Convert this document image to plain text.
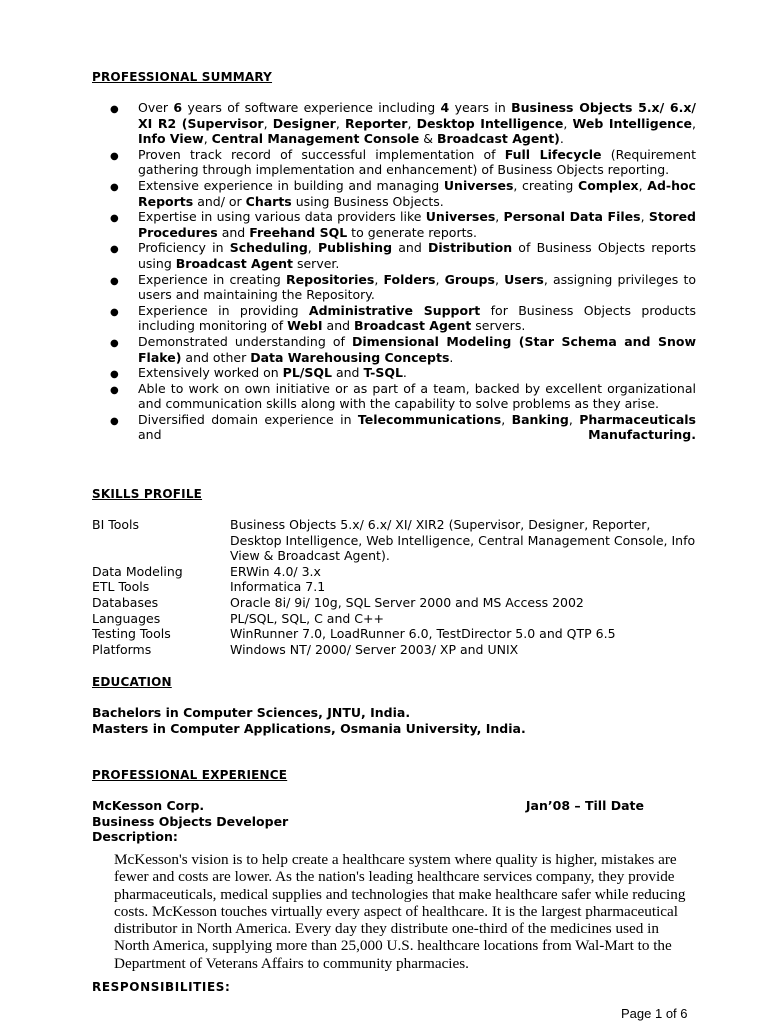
PROFESSIONAL SUMMARY
● Over 6 years of software experience including 4 years in Business Objects 5.x/ 6.x/ XI R2 (Supervisor, Designer, Reporter, Desktop Intelligence, Web Intelligence, Info View, Central Management Console & Broadcast Agent).
● Proven track record of successful implementation of Full Lifecycle (Requirement gathering through implementation and enhancement) of Business Objects reporting.
● Extensive experience in building and managing Universes, creating Complex, Ad-hoc Reports and/ or Charts using Business Objects.
● Expertise in using various data providers like Universes, Personal Data Files, Stored Procedures and Freehand SQL to generate reports.
● Proficiency in Scheduling, Publishing and Distribution of Business Objects reports using Broadcast Agent server.
● Experience in creating Repositories, Folders, Groups, Users, assigning privileges to users and maintaining the Repository.
● Experience in providing Administrative Support for Business Objects products including monitoring of WebI and Broadcast Agent servers.
● Demonstrated understanding of Dimensional Modeling (Star Schema and Snow Flake) and other Data Warehousing Concepts.
● Extensively worked on PL/SQL and T-SQL.
● Able to work on own initiative or as part of a team, backed by excellent organizational and communication skills along with the capability to solve problems as they arise.
● Diversified domain experience in Telecommunications, Banking, Pharmaceuticals and Manufacturing.
SKILLS PROFILE
BI Tools	Business Objects 5.x/ 6.x/ XI/ XIR2 (Supervisor, Designer, Reporter, Desktop Intelligence, Web Intelligence, Central Management Console, Info View & Broadcast Agent).
Data Modeling	ERWin 4.0/ 3.x
ETL Tools	Informatica 7.1
Databases	Oracle 8i/ 9i/ 10g, SQL Server 2000 and MS Access 2002
Languages	PL/SQL, SQL, C and C++
Testing Tools	WinRunner 7.0, LoadRunner 6.0, TestDirector 5.0 and QTP 6.5
Platforms	Windows NT/ 2000/ Server 2003/ XP and UNIX
EDUCATION
Bachelors in Computer Sciences, JNTU, India.
Masters in Computer Applications, Osmania University, India.
PROFESSIONAL EXPERIENCE
McKesson Corp.	Jan’08 – Till Date
Business Objects Developer
Description:
McKesson's vision is to help create a healthcare system where quality is higher, mistakes are fewer and costs are lower. As the nation's leading healthcare services company, they provide pharmaceuticals, medical supplies and technologies that make healthcare safer while reducing costs. McKesson touches virtually every aspect of healthcare. It is the largest pharmaceutical distributor in North America. Every day they distribute one-third of the medicines used in North America, supplying more than 25,000 U.S. healthcare locations from Wal-Mart to the Department of Veterans Affairs to community pharmacies.
RESPONSIBILITIES:
Page 1 of 6
